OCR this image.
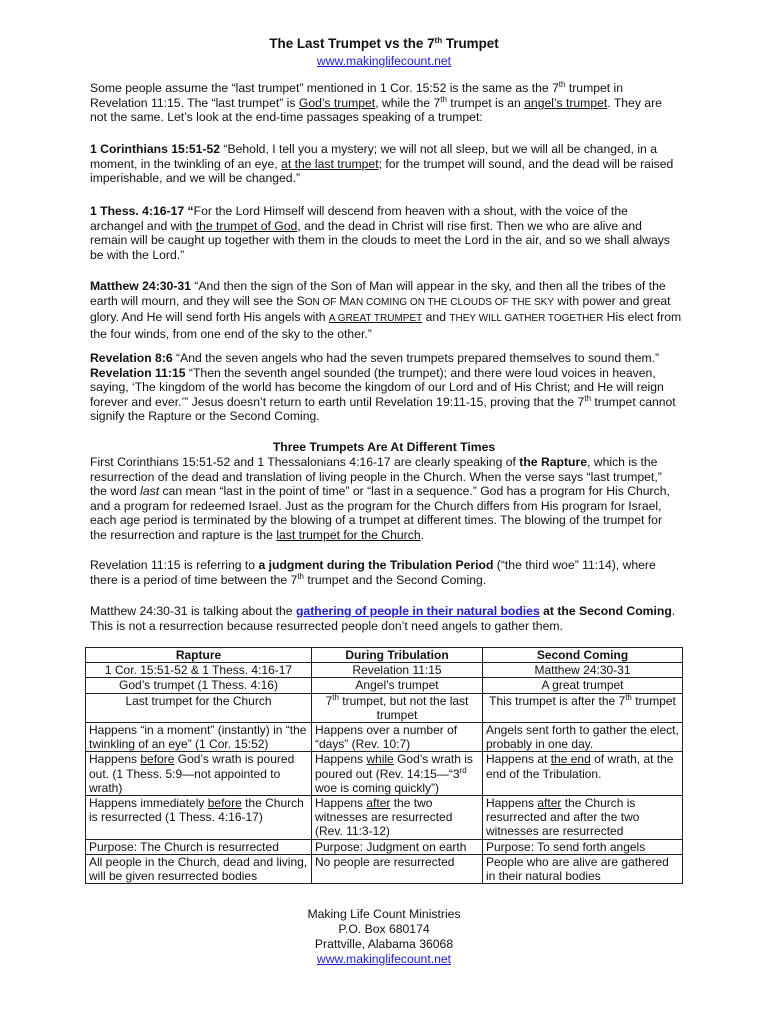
The Last Trumpet vs the 7th Trumpet
www.makinglifecount.net

Some people assume the “last trumpet” mentioned in 1 Cor. 15:52 is the same as the 7th trumpet in Revelation 11:15. The “last trumpet” is God’s trumpet, while the 7th trumpet is an angel’s trumpet. They are not the same. Let’s look at the end-time passages speaking of a trumpet:

1 Corinthians 15:51-52 “Behold, I tell you a mystery; we will not all sleep, but we will all be changed, in a moment, in the twinkling of an eye, at the last trumpet; for the trumpet will sound, and the dead will be raised imperishable, and we will be changed.”

1 Thess. 4:16-17 “For the Lord Himself will descend from heaven with a shout, with the voice of the archangel and with the trumpet of God, and the dead in Christ will rise first. Then we who are alive and remain will be caught up together with them in the clouds to meet the Lord in the air, and so we shall always be with the Lord.”

Matthew 24:30-31 “And then the sign of the Son of Man will appear in the sky, and then all the tribes of the earth will mourn, and they will see the SON OF MAN COMING ON THE CLOUDS OF THE SKY with power and great glory. And He will send forth His angels with A GREAT TRUMPET and THEY WILL GATHER TOGETHER His elect from the four winds, from one end of the sky to the other.”

Revelation 8:6 “And the seven angels who had the seven trumpets prepared themselves to sound them.”
Revelation 11:15 “Then the seventh angel sounded (the trumpet); and there were loud voices in heaven, saying, ‘The kingdom of the world has become the kingdom of our Lord and of His Christ; and He will reign forever and ever.’” Jesus doesn’t return to earth until Revelation 19:11-15, proving that the 7th trumpet cannot signify the Rapture or the Second Coming.

Three Trumpets Are At Different Times

First Corinthians 15:51-52 and 1 Thessalonians 4:16-17 are clearly speaking of the Rapture, which is the resurrection of the dead and translation of living people in the Church. When the verse says “last trumpet,” the word last can mean “last in the point of time” or “last in a sequence.” God has a program for His Church, and a program for redeemed Israel. Just as the program for the Church differs from His program for Israel, each age period is terminated by the blowing of a trumpet at different times. The blowing of the trumpet for the resurrection and rapture is the last trumpet for the Church.

Revelation 11:15 is referring to a judgment during the Tribulation Period (“the third woe” 11:14), where there is a period of time between the 7th trumpet and the Second Coming.

Matthew 24:30-31 is talking about the gathering of people in their natural bodies at the Second Coming. This is not a resurrection because resurrected people don’t need angels to gather them.

Rapture	During Tribulation	Second Coming
1 Cor. 15:51-52 & 1 Thess. 4:16-17	Revelation 11:15	Matthew 24:30-31
God’s trumpet (1 Thess. 4:16)	Angel’s trumpet	A great trumpet
Last trumpet for the Church	7th trumpet, but not the last trumpet	This trumpet is after the 7th trumpet
Happens “in a moment” (instantly) in “the twinkling of an eye” (1 Cor. 15:52)	Happens over a number of “days” (Rev. 10:7)	Angels sent forth to gather the elect, probably in one day.
Happens before God’s wrath is poured out. (1 Thess. 5:9—not appointed to wrath)	Happens while God’s wrath is poured out (Rev. 14:15—“3rd woe is coming quickly”)	Happens at the end of wrath, at the end of the Tribulation.
Happens immediately before the Church is resurrected (1 Thess. 4:16-17)	Happens after the two witnesses are resurrected (Rev. 11:3-12)	Happens after the Church is resurrected and after the two witnesses are resurrected
Purpose: The Church is resurrected	Purpose: Judgment on earth	Purpose: To send forth angels
All people in the Church, dead and living, will be given resurrected bodies	No people are resurrected	People who are alive are gathered in their natural bodies
Making Life Count Ministries
P.O. Box 680174
Prattville, Alabama 36068
www.makinglifecount.net
